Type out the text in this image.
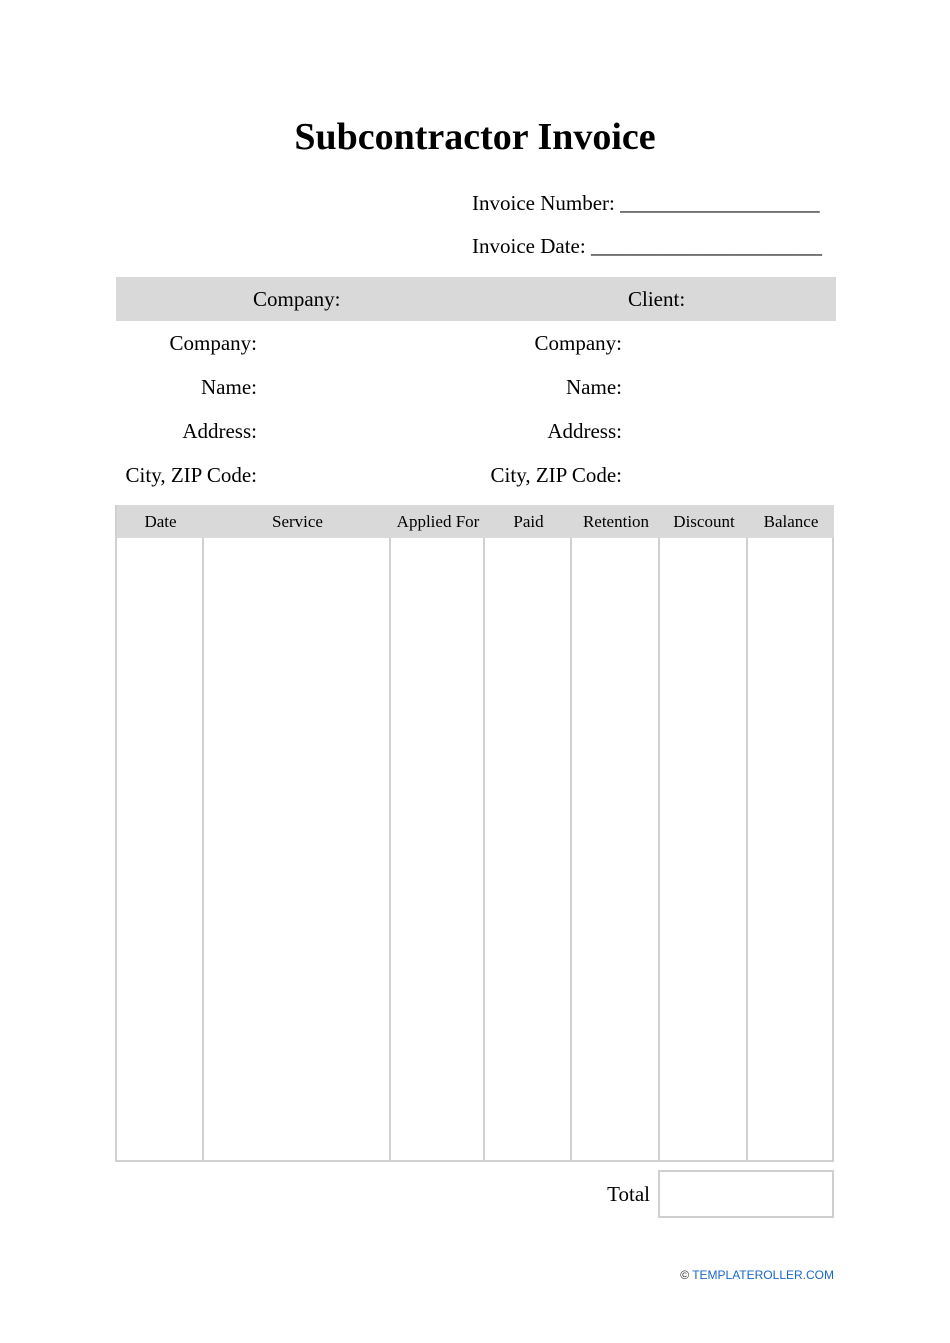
Subcontractor Invoice
Invoice Number: ___________________
Invoice Date: ______________________
Company:	Client:
Company:
Name:
Address:
City, ZIP Code:
Company:
Name:
Address:
City, ZIP Code:
Date	Service	Applied For	Paid	Retention	Discount	Balance
Total
© TEMPLATEROLLER.COM
